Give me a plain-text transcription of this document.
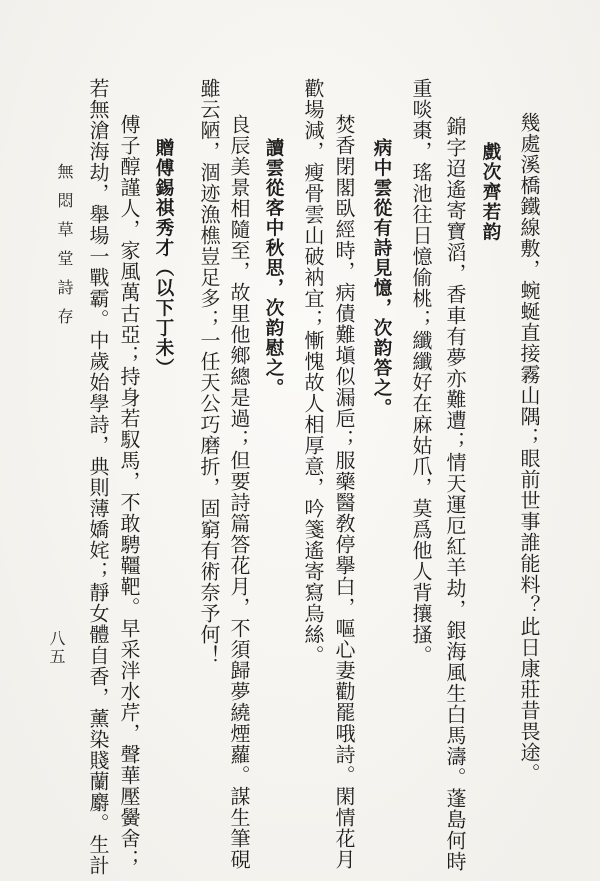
無悶草堂詩存	幾處溪橋鐵線敷，蜿蜒直接霧山隅；眼前世事誰能料？此日康莊昔畏途。
戲次齊若韵
錦字迢遙寄寶滔，香車有夢亦難遭；情天運厄紅羊劫，銀海風生白馬濤。蓬島何時
重啖棗，瑤池往日憶偷桃；纖纖好在麻姑爪，莫爲他人背攘搔。
病中雲從有詩見憶，次韵答之。
焚香閉閣臥經時，病債難塡似漏巵；服藥醫敎停擧白，嘔心妻勸罷哦詩。閑情花月
歡場減，瘦骨雲山破衲宜；慚愧故人相厚意，吟箋遙寄寫烏絲。
讀雲從客中秋思，次韵慰之。
良辰美景相隨至，故里他鄉總是過；但要詩篇答花月，不須歸夢繞煙蘿。謀生筆硯
雖云陋，涸迹漁樵豈足多；一任天公巧磨折，固窮有術奈予何！
贈傅錫祺秀才（以下丁未）
傅子醇謹人，家風萬古亞；持身若馭馬，不敢騁韁靶。早采泮水芹，聲華壓黌舍；
若無滄海劫，舉場一戰霸。中歲始學詩，典則薄嬌姹；靜女體自香，薰染賤蘭麝。生計
八五
